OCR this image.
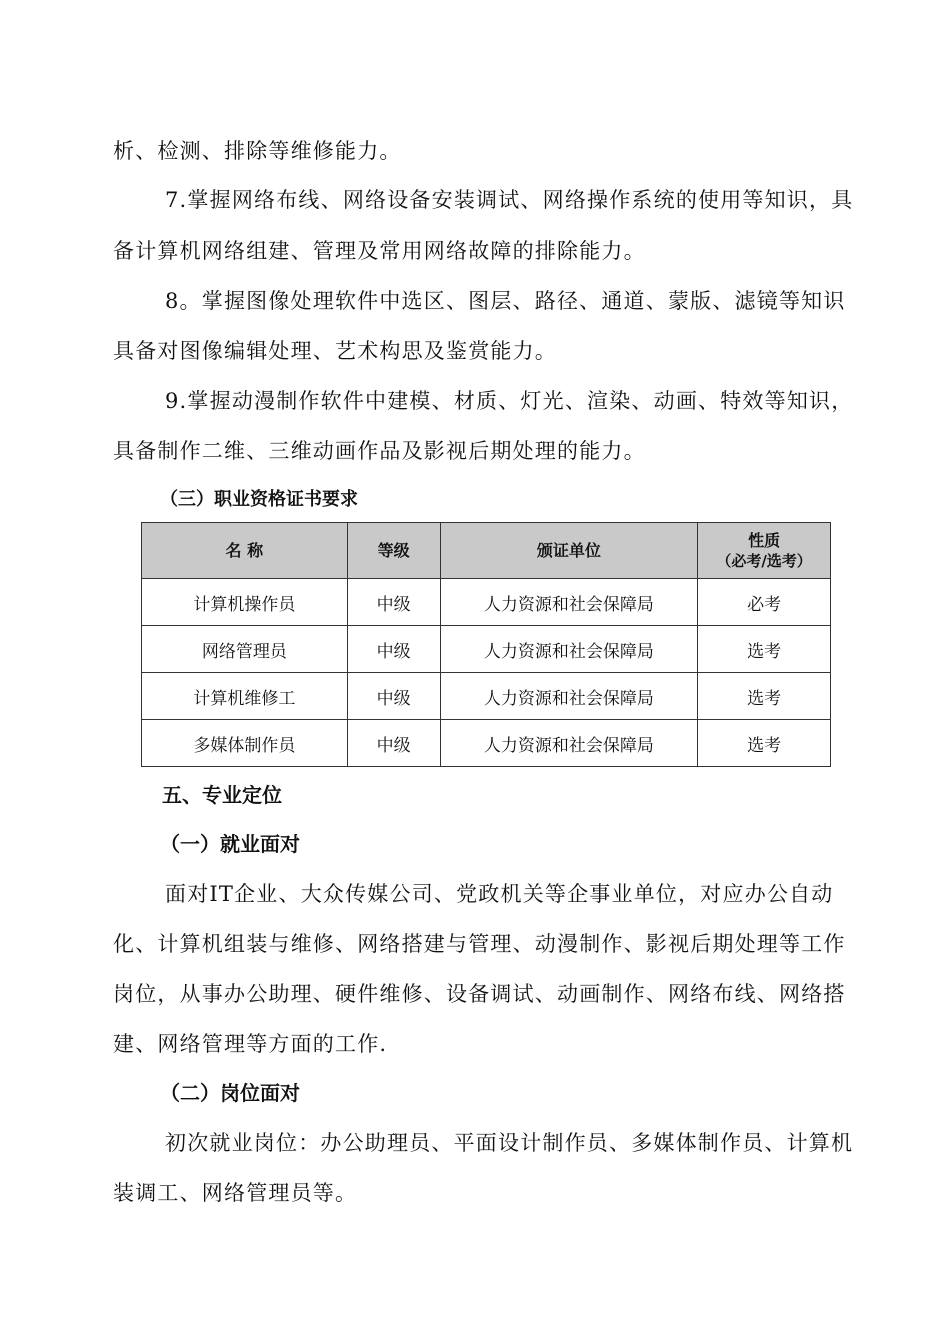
析、检测、排除等维修能力。
7.掌握网络布线、网络设备安装调试、网络操作系统的使用等知识，具
备计算机网络组建、管理及常用网络故障的排除能力。
8。掌握图像处理软件中选区、图层、路径、通道、蒙版、滤镜等知识
具备对图像编辑处理、艺术构思及鉴赏能力。
9.掌握动漫制作软件中建模、材质、灯光、渲染、动画、特效等知识，
具备制作二维、三维动画作品及影视后期处理的能力。
（三）职业资格证书要求
名 称	等级	颁证单位	性质
（必考/选考）

计算机操作员	中级	人力资源和社会保障局	必考
网络管理员	中级	人力资源和社会保障局	选考
计算机维修工	中级	人力资源和社会保障局	选考
多媒体制作员	中级	人力资源和社会保障局	选考
五、专业定位
（一）就业面对
面对IT企业、大众传媒公司、党政机关等企事业单位，对应办公自动
化、计算机组装与维修、网络搭建与管理、动漫制作、影视后期处理等工作
岗位，从事办公助理、硬件维修、设备调试、动画制作、网络布线、网络搭
建、网络管理等方面的工作.
（二）岗位面对
初次就业岗位：办公助理员、平面设计制作员、多媒体制作员、计算机
装调工、网络管理员等。
